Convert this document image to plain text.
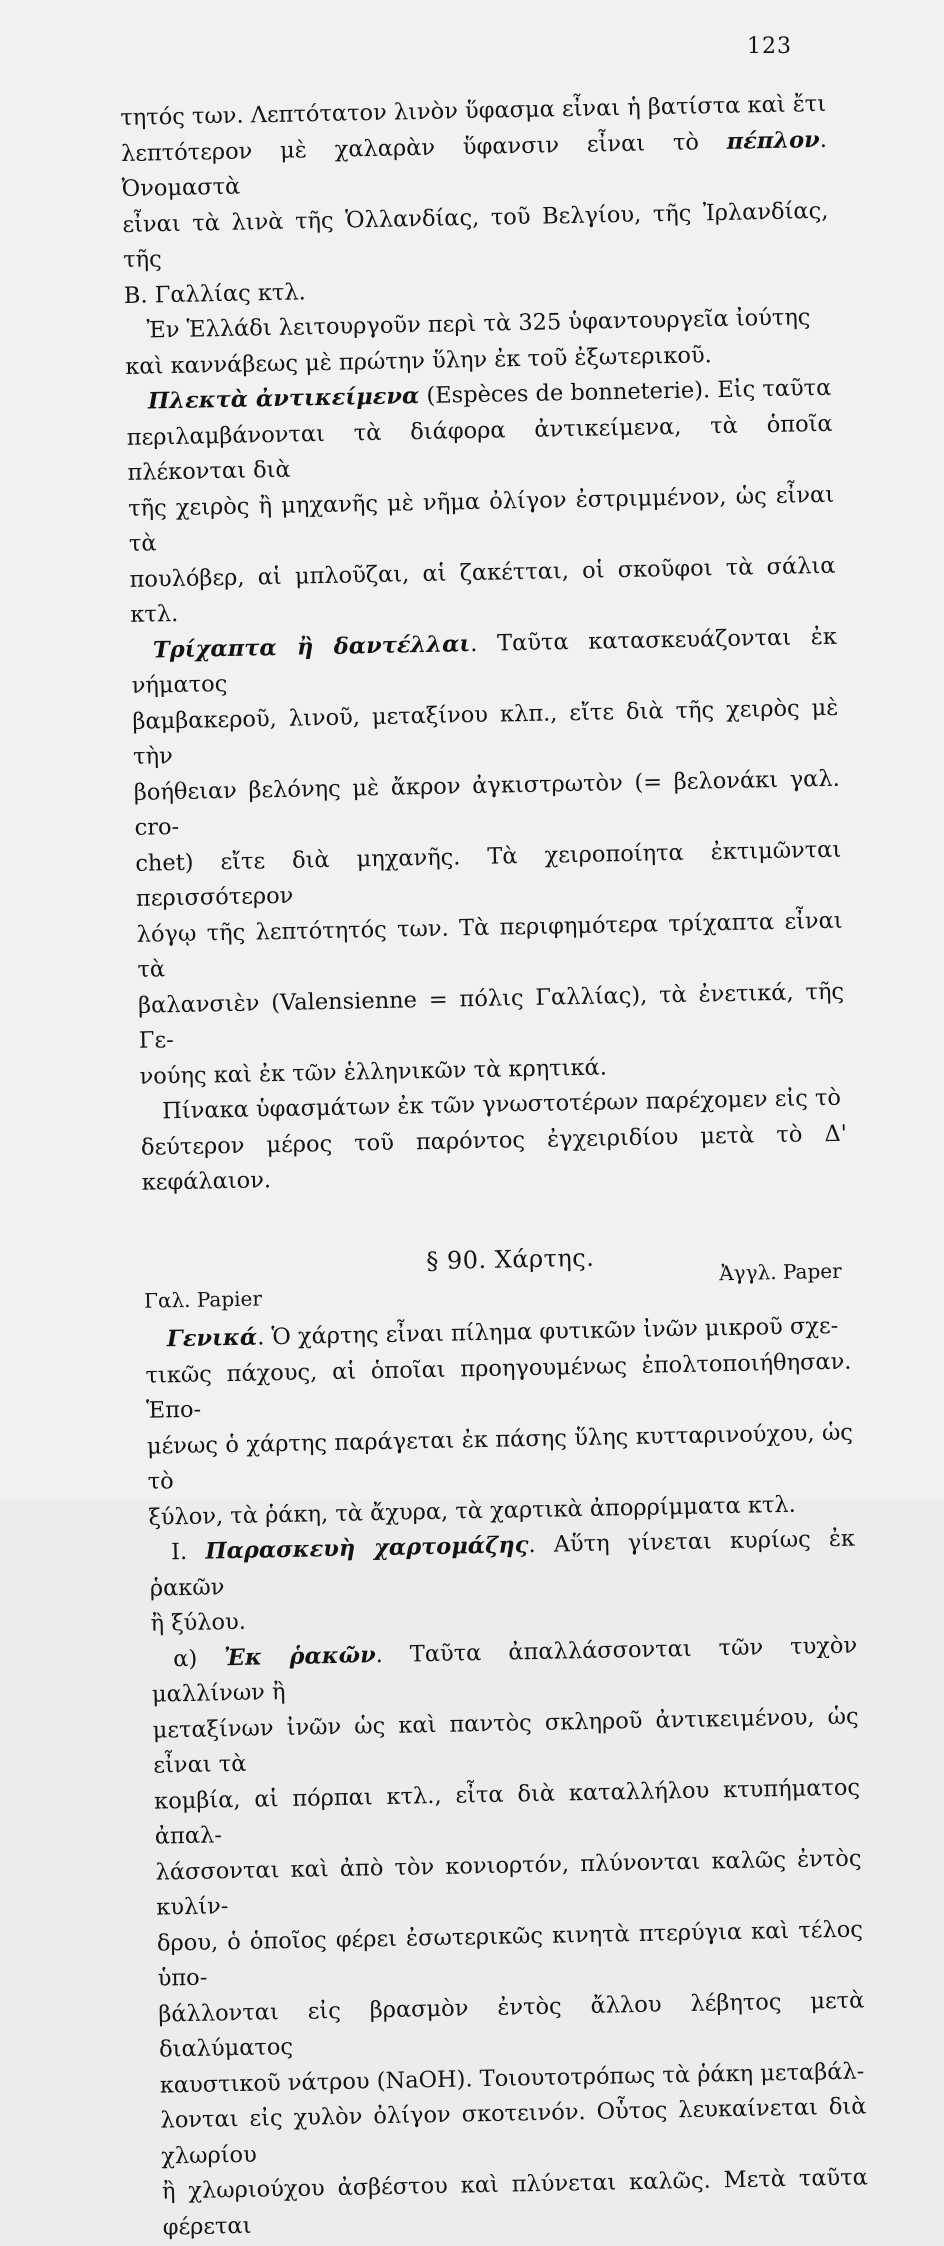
123

τητός των. Λεπτότατον λινὸν ὕφασμα εἶναι ἡ βατίστα καὶ ἔτι
λεπτότερον μὲ χαλαρὰν ὕφανσιν εἶναι τὸ πέπλον. Ὀνομαστὰ
εἶναι τὰ λινὰ τῆς Ὁλλανδίας, τοῦ Βελγίου, τῆς Ἰρλανδίας, τῆς
Β. Γαλλίας κτλ.

Ἐν Ἑλλάδι λειτουργοῦν περὶ τὰ 325 ὑφαντουργεῖα ἰούτης
καὶ καννάβεως μὲ πρώτην ὕλην ἐκ τοῦ ἐξωτερικοῦ.

Πλεκτὰ ἀντικείμενα (Espèces de bonneterie). Εἰς ταῦτα
περιλαμβάνονται τὰ διάφορα ἀντικείμενα, τὰ ὁποῖα πλέκονται διὰ
τῆς χειρὸς ἢ μηχανῆς μὲ νῆμα ὀλίγον ἐστριμμένον, ὡς εἶναι τὰ
πουλόβερ, αἱ μπλοῦζαι, αἱ ζακέτται, οἱ σκοῦφοι τὰ σάλια κτλ.

Τρίχαπτα ἢ δαντέλλαι. Ταῦτα κατασκευάζονται ἐκ νήματος
βαμβακεροῦ, λινοῦ, μεταξίνου κλπ., εἴτε διὰ τῆς χειρὸς μὲ τὴν
βοήθειαν βελόνης μὲ ἄκρον ἀγκιστρωτὸν (= βελονάκι γαλ. cro-
chet) εἴτε διὰ μηχανῆς. Τὰ χειροποίητα ἐκτιμῶνται περισσότερον
λόγῳ τῆς λεπτότητός των. Τὰ περιφημότερα τρίχαπτα εἶναι τὰ
βαλανσιὲν (Valensienne = πόλις Γαλλίας), τὰ ἐνετικά, τῆς Γε-
νούης καὶ ἐκ τῶν ἑλληνικῶν τὰ κρητικά.

Πίνακα ὑφασμάτων ἐκ τῶν γνωστοτέρων παρέχομεν εἰς τὸ
δεύτερον μέρος τοῦ παρόντος ἐγχειριδίου μετὰ τὸ Δ' κεφάλαιον.

§ 90. Χάρτης.
Γαλ. Papier
Ἀγγλ. Paper

Γενικά. Ὁ χάρτης εἶναι πίλημα φυτικῶν ἰνῶν μικροῦ σχε-
τικῶς πάχους, αἱ ὁποῖαι προηγουμένως ἐπολτοποιήθησαν. Ἑπο-
μένως ὁ χάρτης παράγεται ἐκ πάσης ὕλης κυτταρινούχου, ὡς τὸ
ξύλον, τὰ ῥάκη, τὰ ἄχυρα, τὰ χαρτικὰ ἀπορρίμματα κτλ.

Ι. Παρασκευὴ χαρτομάζης. Αὕτη γίνεται κυρίως ἐκ ῥακῶν
ἢ ξύλου.

α) Ἐκ ῥακῶν. Ταῦτα ἀπαλλάσσονται τῶν τυχὸν μαλλίνων ἢ
μεταξίνων ἰνῶν ὡς καὶ παντὸς σκληροῦ ἀντικειμένου, ὡς εἶναι τὰ
κομβία, αἱ πόρπαι κτλ., εἶτα διὰ καταλλήλου κτυπήματος ἀπαλ-
λάσσονται καὶ ἀπὸ τὸν κονιορτόν, πλύνονται καλῶς ἐντὸς κυλίν-
δρου, ὁ ὁποῖος φέρει ἐσωτερικῶς κινητὰ πτερύγια καὶ τέλος ὑπο-
βάλλονται εἰς βρασμὸν ἐντὸς ἄλλου λέβητος μετὰ διαλύματος
καυστικοῦ νάτρου (NaOH). Τοιουτοτρόπως τὰ ῥάκη μεταβάλ-
λονται εἰς χυλὸν ὀλίγον σκοτεινόν. Οὗτος λευκαίνεται διὰ χλωρίου
ἢ χλωριούχου ἀσβέστου καὶ πλύνεται καλῶς. Μετὰ ταῦτα φέρεται
